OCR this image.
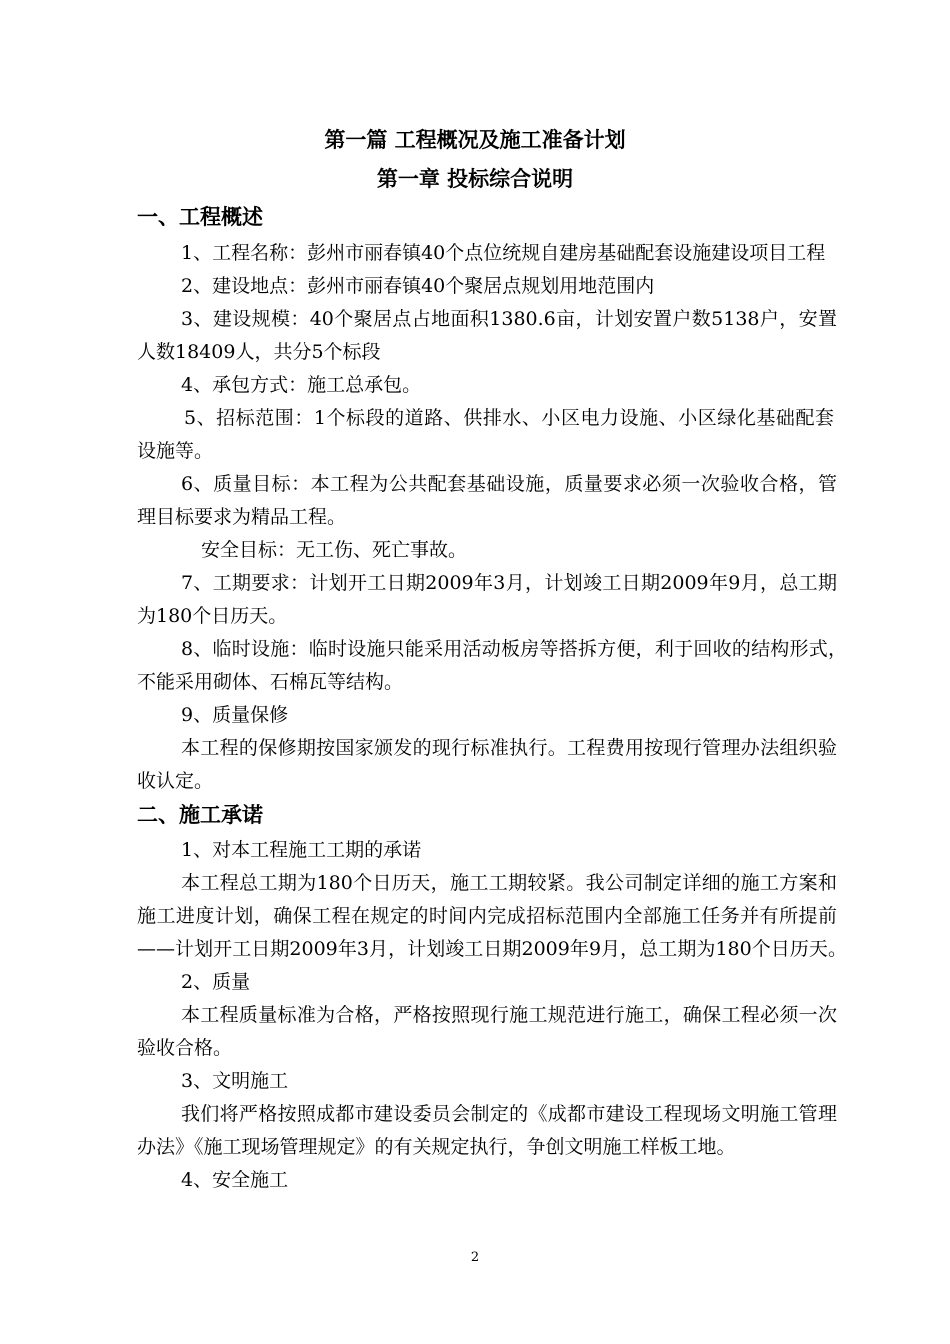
第一篇 工程概况及施工准备计划
第一章 投标综合说明
一、工程概述
1、工程名称：彭州市丽春镇40个点位统规自建房基础配套设施建设项目工程
2、建设地点：彭州市丽春镇40个聚居点规划用地范围内
3、建设规模：40个聚居点占地面积1380.6亩，计划安置户数5138户，安置
人数18409人，共分5个标段
4、承包方式：施工总承包。
5、招标范围：1个标段的道路、供排水、小区电力设施、小区绿化基础配套
设施等。
6、质量目标：本工程为公共配套基础设施，质量要求必须一次验收合格，管
理目标要求为精品工程。
安全目标：无工伤、死亡事故。
7、工期要求：计划开工日期2009年3月，计划竣工日期2009年9月，总工期
为180个日历天。
8、临时设施：临时设施只能采用活动板房等搭拆方便，利于回收的结构形式，
不能采用砌体、石棉瓦等结构。
9、质量保修
本工程的保修期按国家颁发的现行标准执行。工程费用按现行管理办法组织验
收认定。
二、施工承诺
1、对本工程施工工期的承诺
本工程总工期为180个日历天，施工工期较紧。我公司制定详细的施工方案和
施工进度计划，确保工程在规定的时间内完成招标范围内全部施工任务并有所提前
——计划开工日期2009年3月，计划竣工日期2009年9月，总工期为180个日历天。
2、质量
本工程质量标准为合格，严格按照现行施工规范进行施工，确保工程必须一次
验收合格。
3、文明施工
我们将严格按照成都市建设委员会制定的《成都市建设工程现场文明施工管理
办法》《施工现场管理规定》的有关规定执行，争创文明施工样板工地。
4、安全施工
2
